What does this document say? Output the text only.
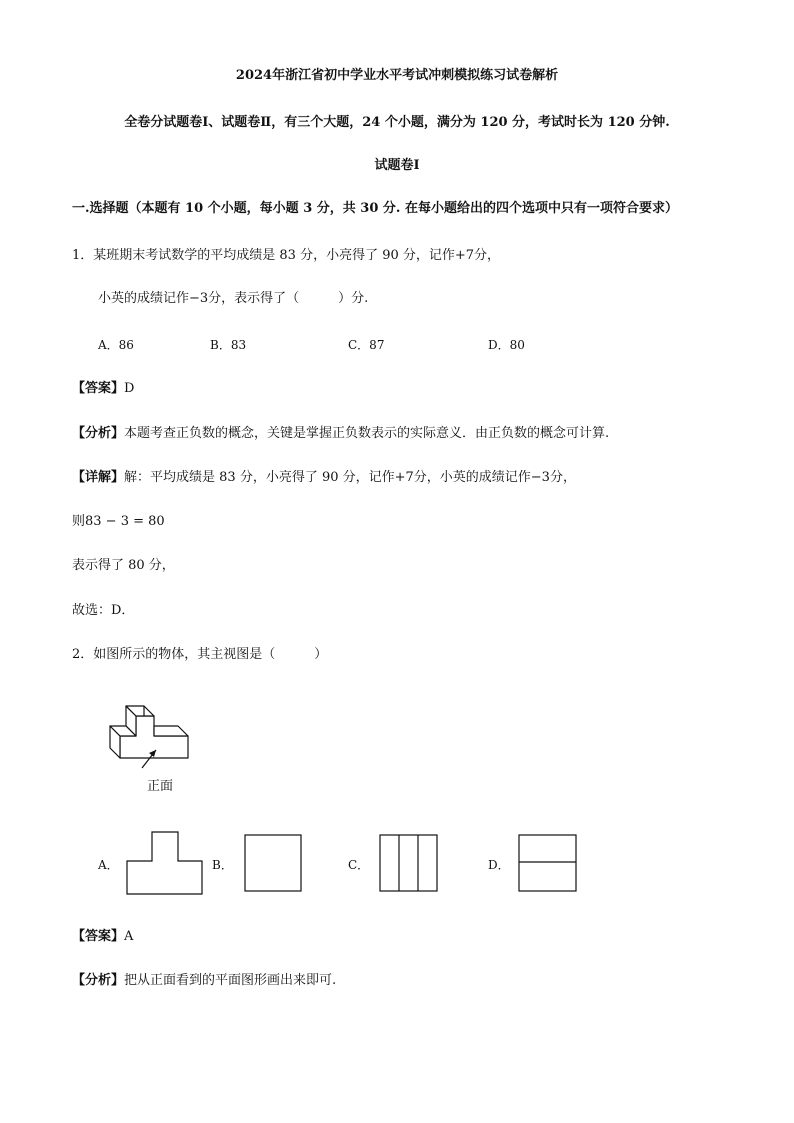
2024年浙江省初中学业水平考试冲刺模拟练习试卷解析
全卷分试题卷Ⅰ、试题卷Ⅱ，有三个大题，24 个小题，满分为 120 分，考试时长为 120 分钟.
试题卷Ⅰ
一.选择题（本题有 10 个小题，每小题 3 分，共 30 分. 在每小题给出的四个选项中只有一项符合要求）
1．某班期末考试数学的平均成绩是 83 分，小亮得了 90 分，记作+7分，
小英的成绩记作−3分，表示得了（　　　）分.
A．86	B．83	C．87	D．80
【答案】D
【分析】本题考查正负数的概念，关键是掌握正负数表示的实际意义．由正负数的概念可计算.
【详解】解：平均成绩是 83 分，小亮得了 90 分，记作+7分，小英的成绩记作−3分，
则83 − 3 = 80
表示得了 80 分，
故选：D．
2．如图所示的物体，其主视图是（　　　）
正面
A．	B．	C．	D．
【答案】A
【分析】把从正面看到的平面图形画出来即可.
